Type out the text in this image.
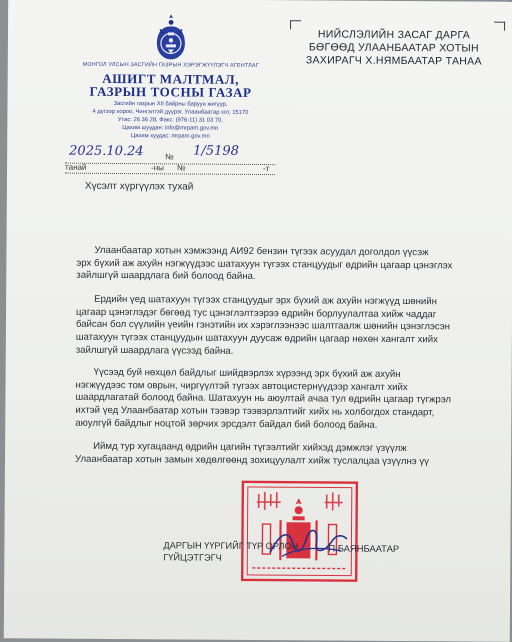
МОНГОЛ УЛСЫН ЗАСГИЙН ГАЗРЫН ХЭРЭГЖҮҮЛЭГЧ АГЕНТЛАГ
АШИГТ МАЛТМАЛ,
ГАЗРЫН ТОСНЫ ГАЗАР
Засгийн газрын XII байрны баруун жигүүр,
4 дүгээр хороо, Чингэлтэй дүүрэг, Улаанбаатар хот, 15170
Утас: 26 36 28, Факс: (976-11) 31 03 70,
Цахим шуудан: info@mrpam.gov.mn
Цахим хуудас: mrpam.gov.mn
НИЙСЛЭЛИЙН ЗАСАГ ДАРГА
БӨГӨӨД УЛААНБААТАР ХОТЫН
ЗАХИРАГЧ Х.НЯМБААТАР ТАНАА
2025.10.24	№ 1/5198
танай	-ны №	-т
Хүсэлт хүргүүлэх тухай
Улаанбаатар хотын хэмжээнд АИ92 бензин түгээх асуудал доголдол үүсэж
эрх бүхий аж ахуйн нэгжүүдээс шатахуун түгээх станцуудыг өдрийн цагаар цэнэглэх
зайлшгүй шаардлага бий болоод байна.
Ердийн үед шатахуун түгээх станцуудыг эрх бүхий аж ахуйн нэгжүүд шөнийн
цагаар цэнэглэдэг бөгөөд тус цэнэглэлтээрээ өдрийн борлуулалтаа хийж чаддаг
байсан бол сүүлийн үеийн гэнэтийн их хэрэглээнээс шалтгаалж шөнийн цэнэглэсэн
шатахуун түгээх станцуудын шатахуун дуусаж өдрийн цагаар нөхөн хангалт хийх
зайлшгүй шаардлага үүсээд байна.
Үүсээд буй нөхцөл байдлыг шийдвэрлэх хүрээнд эрх бүхий аж ахуйн
нэгжүүдээс том оврын, чиргүүлтэй түгээх автоцистернүүдээр хангалт хийх
шаардлагатай болоод байна. Шатахуун нь аюултай ачаа тул өдрийн цагаар түгжрэл
ихтэй үед Улаанбаатар хотын тээвэр тээвэрлэлтийг хийх нь холбогдох стандарт,
аюулгүй байдлыг ноцтой зөрчих эрсдэлт байдал бий болоод байна.
Иймд тур хугацаанд өдрийн цагийн түгээлтийг хийхэд дэмжлэг үзүүлж
Улаанбаатар хотын замын хөдөлгөөнд зохицуулалт хийж туслалцаа үзүүлнэ үү
ДАРГЫН ҮҮРГИЙГ ТҮР ОРЛОН
ГҮЙЦЭТГЭГЧ
П.БАЯНБААТАР
